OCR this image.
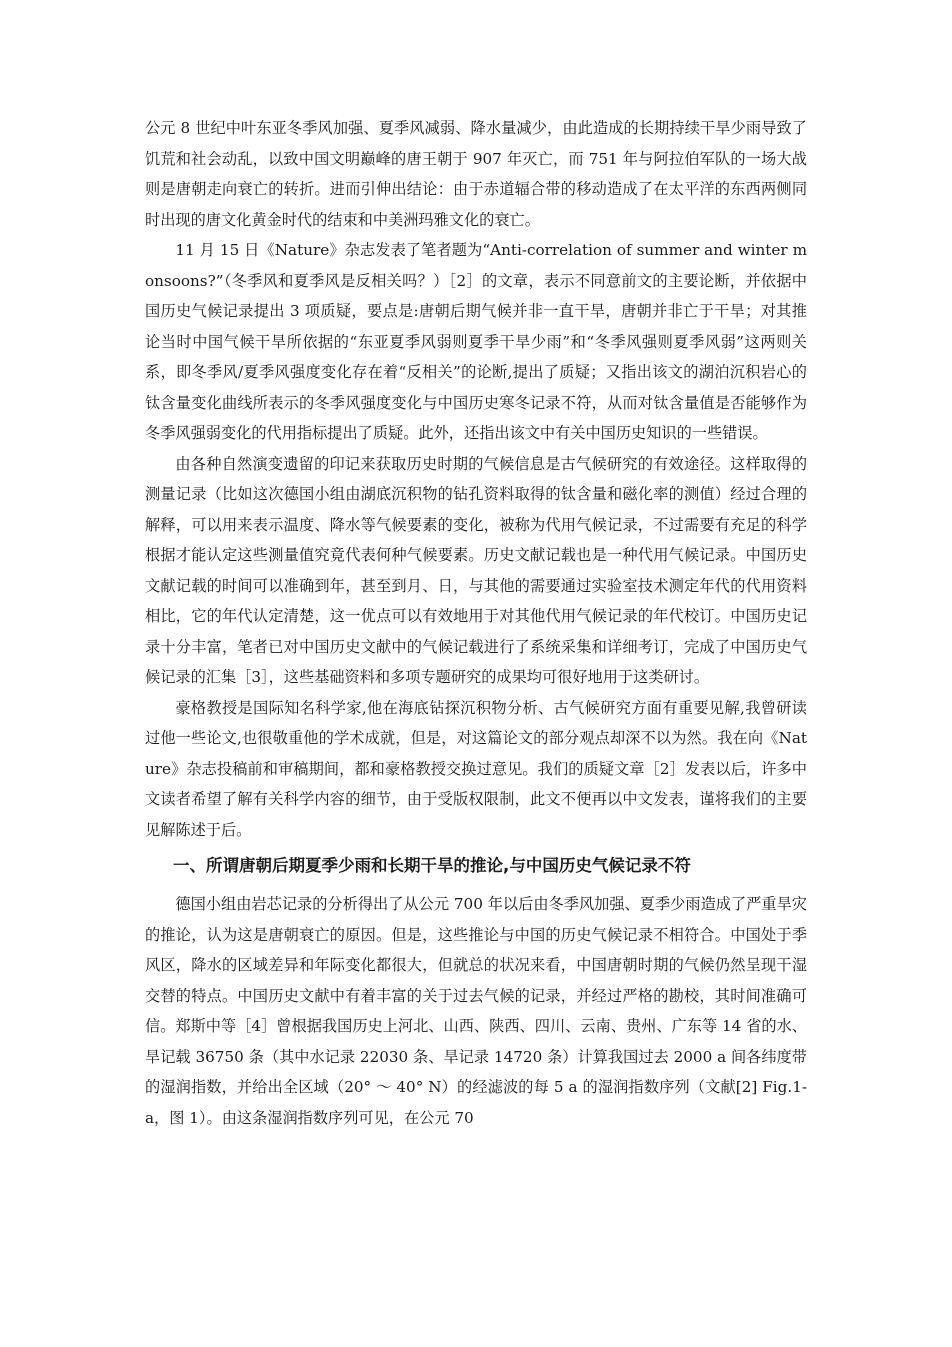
公元 8 世纪中叶东亚冬季风加强、夏季风减弱、降水量减少，由此造成的长期持续干旱少雨导致了饥荒和社会动乱，以致中国文明巅峰的唐王朝于 907 年灭亡，而 751 年与阿拉伯军队的一场大战则是唐朝走向衰亡的转折。进而引伸出结论：由于赤道辐合带的移动造成了在太平洋的东西两侧同时出现的唐文化黄金时代的结束和中美洲玛雅文化的衰亡。

11 月 15 日《Nature》杂志发表了笔者题为“Anti-correlation of summer and winter monsoons?”（冬季风和夏季风是反相关吗？）［2］的文章，表示不同意前文的主要论断，并依据中国历史气候记录提出 3 项质疑，要点是:唐朝后期气候并非一直干旱，唐朝并非亡于干旱；对其推论当时中国气候干旱所依据的“东亚夏季风弱则夏季干旱少雨”和“冬季风强则夏季风弱”这两则关系，即冬季风/夏季风强度变化存在着“反相关”的论断,提出了质疑；又指出该文的湖泊沉积岩心的钛含量变化曲线所表示的冬季风强度变化与中国历史寒冬记录不符，从而对钛含量值是否能够作为冬季风强弱变化的代用指标提出了质疑。此外，还指出该文中有关中国历史知识的一些错误。

由各种自然演变遗留的印记来获取历史时期的气候信息是古气候研究的有效途径。这样取得的测量记录（比如这次德国小组由湖底沉积物的钻孔资料取得的钛含量和磁化率的测值）经过合理的解释，可以用来表示温度、降水等气候要素的变化，被称为代用气候记录，不过需要有充足的科学根据才能认定这些测量值究竟代表何种气候要素。历史文献记载也是一种代用气候记录。中国历史文献记载的时间可以准确到年，甚至到月、日，与其他的需要通过实验室技术测定年代的代用资料相比，它的年代认定清楚，这一优点可以有效地用于对其他代用气候记录的年代校订。中国历史记录十分丰富，笔者已对中国历史文献中的气候记载进行了系统采集和详细考订，完成了中国历史气候记录的汇集［3］，这些基础资料和多项专题研究的成果均可很好地用于这类研讨。

豪格教授是国际知名科学家,他在海底钻探沉积物分析、古气候研究方面有重要见解,我曾研读过他一些论文,也很敬重他的学术成就，但是，对这篇论文的部分观点却深不以为然。我在向《Nature》杂志投稿前和审稿期间，都和豪格教授交换过意见。我们的质疑文章［2］发表以后，许多中文读者希望了解有关科学内容的细节，由于受版权限制，此文不便再以中文发表，谨将我们的主要见解陈述于后。

一、所谓唐朝后期夏季少雨和长期干旱的推论,与中国历史气候记录不符

德国小组由岩芯记录的分析得出了从公元 700 年以后由冬季风加强、夏季少雨造成了严重旱灾的推论，认为这是唐朝衰亡的原因。但是，这些推论与中国的历史气候记录不相符合。中国处于季风区，降水的区域差异和年际变化都很大，但就总的状况来看，中国唐朝时期的气候仍然呈现干湿交替的特点。中国历史文献中有着丰富的关于过去气候的记录，并经过严格的勘校，其时间准确可信。郑斯中等［4］曾根据我国历史上河北、山西、陕西、四川、云南、贵州、广东等 14 省的水、旱记载 36750 条（其中水记录 22030 条、旱记录 14720 条）计算我国过去 2000 a 间各纬度带的湿润指数，并给出全区域（20° ～ 40° N）的经滤波的每 5 a 的湿润指数序列（文献[2] Fig.1-a，图 1）。由这条湿润指数序列可见，在公元 70
